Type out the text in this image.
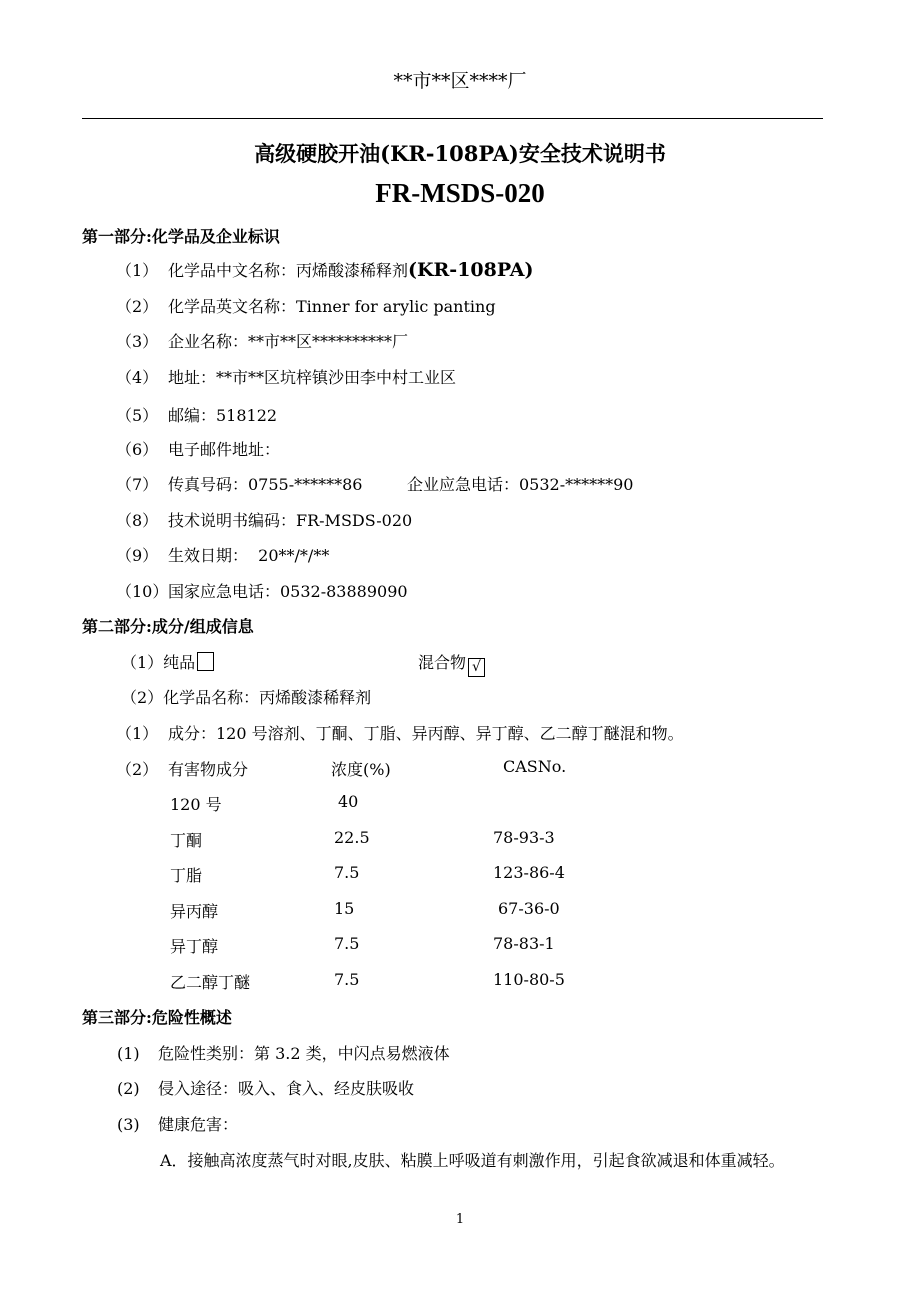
**市**区****厂
高级硬胶开油(KR-108PA)安全技术说明书
FR-MSDS-020
第一部分:化学品及企业标识
（1） 化学品中文名称：丙烯酸漆稀释剂(KR-108PA)
（2） 化学品英文名称：Tinner for arylic panting
（3） 企业名称：**市**区**********厂
（4） 地址：**市**区坑梓镇沙田李中村工业区
（5） 邮编：518122
（6） 电子邮件地址：
（7） 传真号码：0755-******86	企业应急电话：0532-******90
（8） 技术说明书编码：FR-MSDS-020
（9） 生效日期：  20**/*/**
（10）国家应急电话：0532-83889090
第二部分:成分/组成信息
（1）纯品	混合物 √
（2）化学品名称：丙烯酸漆稀释剂
（1） 成分：120 号溶剂、丁酮、丁脂、异丙醇、异丁醇、乙二醇丁醚混和物。
（2） 有害物成分	浓度(%)	CASNo.
120 号	40
丁酮	22.5	78-93-3
丁脂	7.5	123-86-4
异丙醇	15	67-36-0
异丁醇	7.5	78-83-1
乙二醇丁醚	7.5	110-80-5
第三部分:危险性概述
(1) 危险性类别：第 3.2 类，中闪点易燃液体
(2) 侵入途径：吸入、食入、经皮肤吸收
(3) 健康危害：
A．接触高浓度蒸气时对眼,皮肤、粘膜上呼吸道有刺激作用，引起食欲减退和体重减轻。
1
